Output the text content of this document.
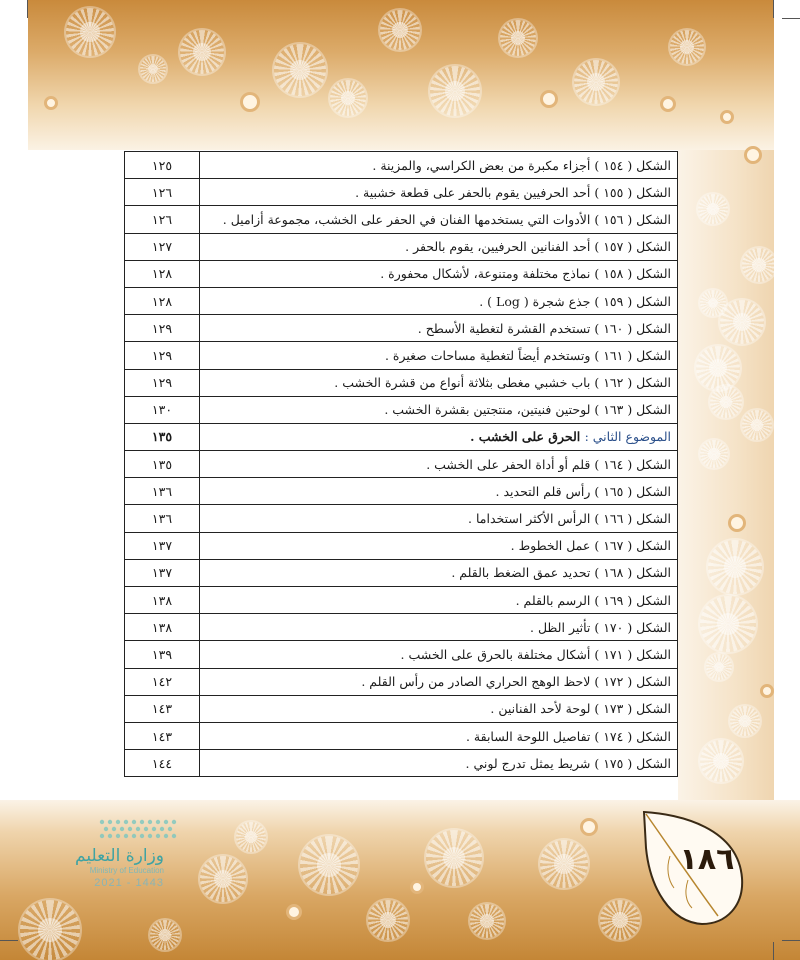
الشكل ( ١٥٤ ) أجزاء مكبرة من بعض الكراسي، والمزينة .	١٢٥
الشكل ( ١٥٥ ) أحد الحرفيين يقوم بالحفر على قطعة خشبية .	١٢٦
الشكل ( ١٥٦ ) الأدوات التي يستخدمها الفنان في الحفر على الخشب، مجموعة أزاميل .	١٢٦
الشكل ( ١٥٧ ) أحد الفنانين الحرفيين، يقوم بالحفر .	١٢٧
الشكل ( ١٥٨ ) نماذج مختلفة ومتنوعة، لأشكال محفورة .	١٢٨
الشكل ( ١٥٩ ) جذع شجرة ( Log ) .	١٢٨
الشكل ( ١٦٠ ) تستخدم القشرة لتغطية الأسطح .	١٢٩
الشكل ( ١٦١ ) وتستخدم أيضاً لتغطية مساحات صغيرة .	١٢٩
الشكل ( ١٦٢ ) باب خشبي مغطى بثلاثة أنواع من قشرة الخشب .	١٢٩
الشكل ( ١٦٣ ) لوحتين فنيتين، منتجتين بقشرة الخشب .	١٣٠
الموضوع الثاني : الحرق على الخشب .	١٣٥
الشكل ( ١٦٤ ) قلم أو أداة الحفر على الخشب .	١٣٥
الشكل ( ١٦٥ ) رأس قلم التحديد .	١٣٦
الشكل ( ١٦٦ ) الرأس الأكثر استخداما .	١٣٦
الشكل ( ١٦٧ ) عمل الخطوط .	١٣٧
الشكل ( ١٦٨ ) تحديد عمق الضغط بالقلم .	١٣٧
الشكل ( ١٦٩ ) الرسم بالقلم .	١٣٨
الشكل ( ١٧٠ ) تأثير الظل .	١٣٨
الشكل ( ١٧١ ) أشكال مختلفة بالحرق على الخشب .	١٣٩
الشكل ( ١٧٢ ) لاحظ الوهج الحراري الصادر من رأس القلم .	١٤٢
الشكل ( ١٧٣ ) لوحة لأحد الفنانين .	١٤٣
الشكل ( ١٧٤ ) تفاصيل اللوحة السابقة .	١٤٣
الشكل ( ١٧٥ ) شريط يمثل تدرج لوني .	١٤٤
١٨٦
وزارة التعليم
Ministry of Education
2021 - 1443
